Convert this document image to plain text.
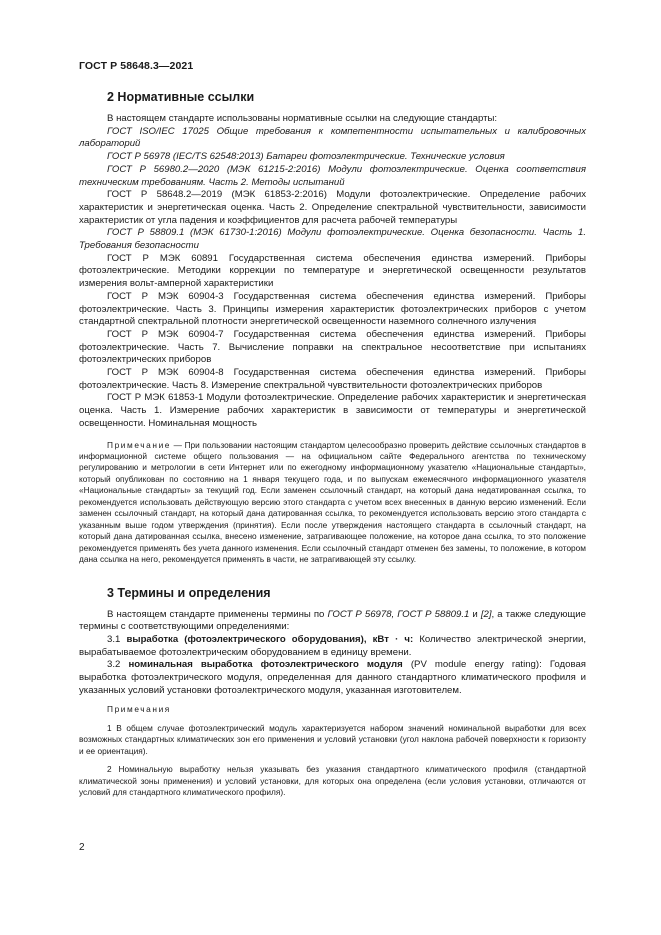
ГОСТ Р 58648.3—2021
2 Нормативные ссылки

В настоящем стандарте использованы нормативные ссылки на следующие стандарты:

ГОСТ ISO/IEC 17025 Общие требования к компетентности испытательных и калибровочных лабораторий

ГОСТ Р 56978 (IEC/TS 62548:2013) Батареи фотоэлектрические. Технические условия

ГОСТ Р 56980.2—2020 (МЭК 61215-2:2016) Модули фотоэлектрические. Оценка соответствия техническим требованиям. Часть 2. Методы испытаний

ГОСТ Р 58648.2—2019 (МЭК 61853-2:2016) Модули фотоэлектрические. Определение рабочих характеристик и энергетическая оценка. Часть 2. Определение спектральной чувствительности, зависимости характеристик от угла падения и коэффициентов для расчета рабочей температуры

ГОСТ Р 58809.1 (МЭК 61730-1:2016) Модули фотоэлектрические. Оценка безопасности. Часть 1. Требования безопасности

ГОСТ Р МЭК 60891 Государственная система обеспечения единства измерений. Приборы фотоэлектрические. Методики коррекции по температуре и энергетической освещенности результатов измерения вольт-амперной характеристики

ГОСТ Р МЭК 60904-3 Государственная система обеспечения единства измерений. Приборы фотоэлектрические. Часть 3. Принципы измерения характеристик фотоэлектрических приборов с учетом стандартной спектральной плотности энергетической освещенности наземного солнечного излучения

ГОСТ Р МЭК 60904-7 Государственная система обеспечения единства измерений. Приборы фотоэлектрические. Часть 7. Вычисление поправки на спектральное несоответствие при испытаниях фотоэлектрических приборов

ГОСТ Р МЭК 60904-8 Государственная система обеспечения единства измерений. Приборы фотоэлектрические. Часть 8. Измерение спектральной чувствительности фотоэлектрических приборов

ГОСТ Р МЭК 61853-1 Модули фотоэлектрические. Определение рабочих характеристик и энергетическая оценка. Часть 1. Измерение рабочих характеристик в зависимости от температуры и энергетической освещенности. Номинальная мощность

Примечание — При пользовании настоящим стандартом целесообразно проверить действие ссылочных стандартов в информационной системе общего пользования — на официальном сайте Федерального агентства по техническому регулированию и метрологии в сети Интернет или по ежегодному информационному указателю «Национальные стандарты», который опубликован по состоянию на 1 января текущего года, и по выпускам ежемесячного информационного указателя «Национальные стандарты» за текущий год. Если заменен ссылочный стандарт, на который дана недатированная ссылка, то рекомендуется использовать действующую версию этого стандарта с учетом всех внесенных в данную версию изменений. Если заменен ссылочный стандарт, на который дана датированная ссылка, то рекомендуется использовать версию этого стандарта с указанным выше годом утверждения (принятия). Если после утверждения настоящего стандарта в ссылочный стандарт, на который дана датированная ссылка, внесено изменение, затрагивающее положение, на которое дана ссылка, то это положение рекомендуется применять без учета данного изменения. Если ссылочный стандарт отменен без замены, то положение, в котором дана ссылка на него, рекомендуется применять в части, не затрагивающей эту ссылку.

3 Термины и определения

В настоящем стандарте применены термины по ГОСТ Р 56978, ГОСТ Р 58809.1 и [2], а также следующие термины с соответствующими определениями:

3.1 выработка (фотоэлектрического оборудования), кВт · ч: Количество электрической энергии, вырабатываемое фотоэлектрическим оборудованием в единицу времени.

3.2 номинальная выработка фотоэлектрического модуля (PV module energy rating): Годовая выработка фотоэлектрического модуля, определенная для данного стандартного климатического профиля и указанных условий установки фотоэлектрического модуля, указанная изготовителем.

Примечания

1 В общем случае фотоэлектрический модуль характеризуется набором значений номинальной выработки для всех возможных стандартных климатических зон его применения и условий установки (угол наклона рабочей поверхности к горизонту и ее ориентация).

2 Номинальную выработку нельзя указывать без указания стандартного климатического профиля (стандартной климатической зоны применения) и условий установки, для которых она определена (если условия установки, отличаются от условий для стандартного климатического профиля).

2
